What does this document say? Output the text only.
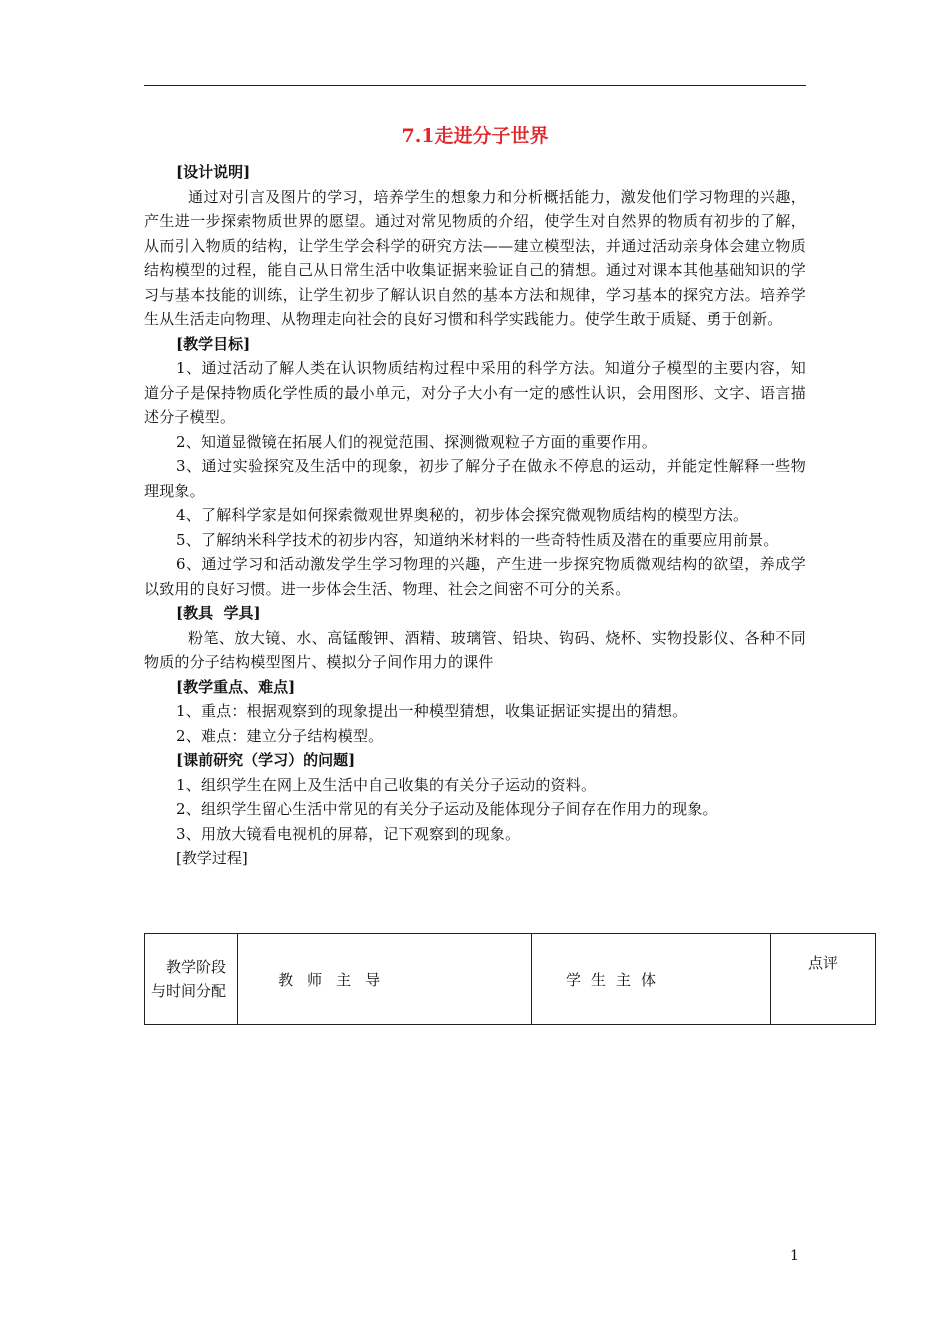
7.1走进分子世界
[设计说明]

通过对引言及图片的学习，培养学生的想象力和分析概括能力，激发他们学习物理的兴趣，产生进一步探索物质世界的愿望。通过对常见物质的介绍，使学生对自然界的物质有初步的了解，从而引入物质的结构，让学生学会科学的研究方法——建立模型法，并通过活动亲身体会建立物质结构模型的过程，能自己从日常生活中收集证据来验证自己的猜想。通过对课本其他基础知识的学习与基本技能的训练，让学生初步了解认识自然的基本方法和规律，学习基本的探究方法。培养学生从生活走向物理、从物理走向社会的良好习惯和科学实践能力。使学生敢于质疑、勇于创新。

[教学目标]

1、通过活动了解人类在认识物质结构过程中采用的科学方法。知道分子模型的主要内容，知道分子是保持物质化学性质的最小单元，对分子大小有一定的感性认识，会用图形、文字、语言描述分子模型。

2、知道显微镜在拓展人们的视觉范围、探测微观粒子方面的重要作用。

3、通过实验探究及生活中的现象，初步了解分子在做永不停息的运动，并能定性解释一些物理现象。

4、了解科学家是如何探索微观世界奥秘的，初步体会探究微观物质结构的模型方法。

5、了解纳米科学技术的初步内容，知道纳米材料的一些奇特性质及潜在的重要应用前景。

6、通过学习和活动激发学生学习物理的兴趣，产生进一步探究物质微观结构的欲望，养成学以致用的良好习惯。进一步体会生活、物理、社会之间密不可分的关系。

[教具  学具]

粉笔、放大镜、水、高锰酸钾、酒精、玻璃管、铅块、钩码、烧杯、实物投影仪、各种不同物质的分子结构模型图片、模拟分子间作用力的课件

[教学重点、难点]

1、重点：根据观察到的现象提出一种模型猜想，收集证据证实提出的猜想。

2、难点：建立分子结构模型。

[课前研究（学习）的问题]

1、组织学生在网上及生活中自己收集的有关分子运动的资料。

2、组织学生留心生活中常见的有关分子运动及能体现分子间存在作用力的现象。

3、用放大镜看电视机的屏幕，记下观察到的现象。

[教学过程]
教学阶段与时间分配	教师主导	学生主体	点评
1
